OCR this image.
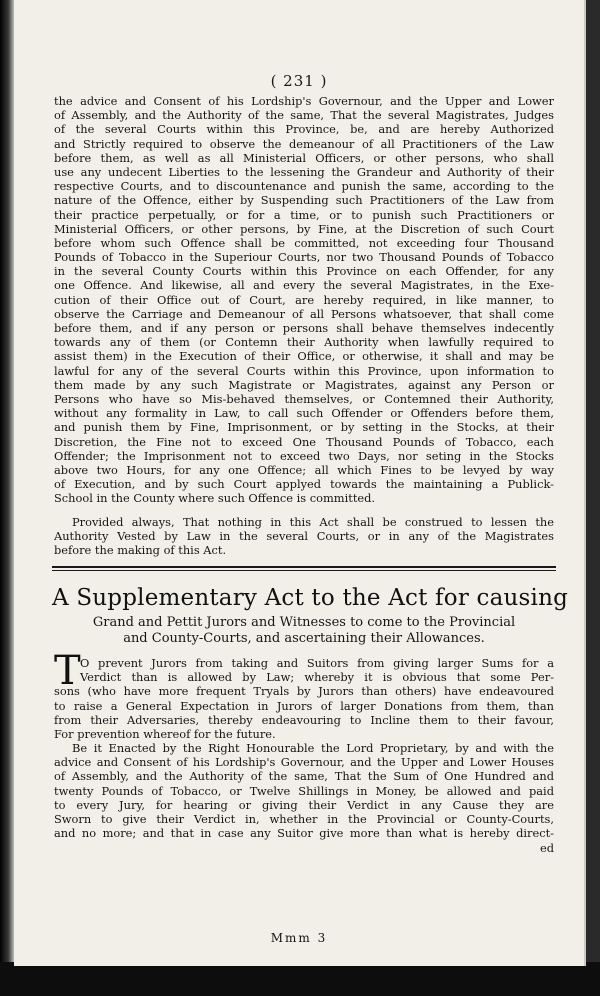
( 231 )
the advice and Consent of his Lordship's Governour, and the Upper and Lower
of Assembly, and the Authority of the same, That the several Magistrates, Judges
of the several Courts within this Province, be, and are hereby Authorized
and Strictly required to observe the demeanour of all Practitioners of the Law
before them, as well as all Ministerial Officers, or other persons, who shall
use any undecent Liberties to the lessening the Grandeur and Authority of their
respective Courts, and to discountenance and punish the same, according to the
nature of the Offence, either by Suspending such Practitioners of the Law from
their practice perpetually, or for a time, or to punish such Practitioners or
Ministerial Officers, or other persons, by Fine, at the Discretion of such Court
before whom such Offence shall be committed, not exceeding four Thousand
Pounds of Tobacco in the Superiour Courts, nor two Thousand Pounds of Tobacco
in the several County Courts within this Province on each Offender, for any
one Offence. And likewise, all and every the several Magistrates, in the Exe-
cution of their Office out of Court, are hereby required, in like manner, to
observe the Carriage and Demeanour of all Persons whatsoever, that shall come
before them, and if any person or persons shall behave themselves indecently
towards any of them (or Contemn their Authority when lawfully required to
assist them) in the Execution of their Office, or otherwise, it shall and may be
lawful for any of the several Courts within this Province, upon information to
them made by any such Magistrate or Magistrates, against any Person or
Persons who have so Mis-behaved themselves, or Contemned their Authority,
without any formality in Law, to call such Offender or Offenders before them,
and punish them by Fine, Imprisonment, or by setting in the Stocks, at their
Discretion, the Fine not to exceed One Thousand Pounds of Tobacco, each
Offender; the Imprisonment not to exceed two Days, nor seting in the Stocks
above two Hours, for any one Offence; all which Fines to be levyed by way
of Execution, and by such Court applyed towards the maintaining a Publick-
School in the County where such Offence is committed.
Provided always, That nothing in this Act shall be construed to lessen the
Authority Vested by Law in the several Courts, or in any of the Magistrates
before the making of this Act.
A Supplementary Act to the Act for causing
Grand and Pettit Jurors and Witnesses to come to the Provincial
and County-Courts, and ascertaining their Allowances.
T O prevent Jurors from taking and Suitors from giving larger Sums for a
Verdict than is allowed by Law; whereby it is obvious that some Per-
sons (who have more frequent Tryals by Jurors than others) have endeavoured
to raise a General Expectation in Jurors of larger Donations from them, than
from their Adversaries, thereby endeavouring to Incline them to their favour,
For prevention whereof for the future.
Be it Enacted by the Right Honourable the Lord Proprietary, by and with the
advice and Consent of his Lordship's Governour, and the Upper and Lower Houses
of Assembly, and the Authority of the same, That the Sum of One Hundred and
twenty Pounds of Tobacco, or Twelve Shillings in Money, be allowed and paid
to every Jury, for hearing or giving their Verdict in any Cause they are
Sworn to give their Verdict in, whether in the Provincial or County-Courts,
and no more; and that in case any Suitor give more than what is hereby direct-
ed
Mmm 3
